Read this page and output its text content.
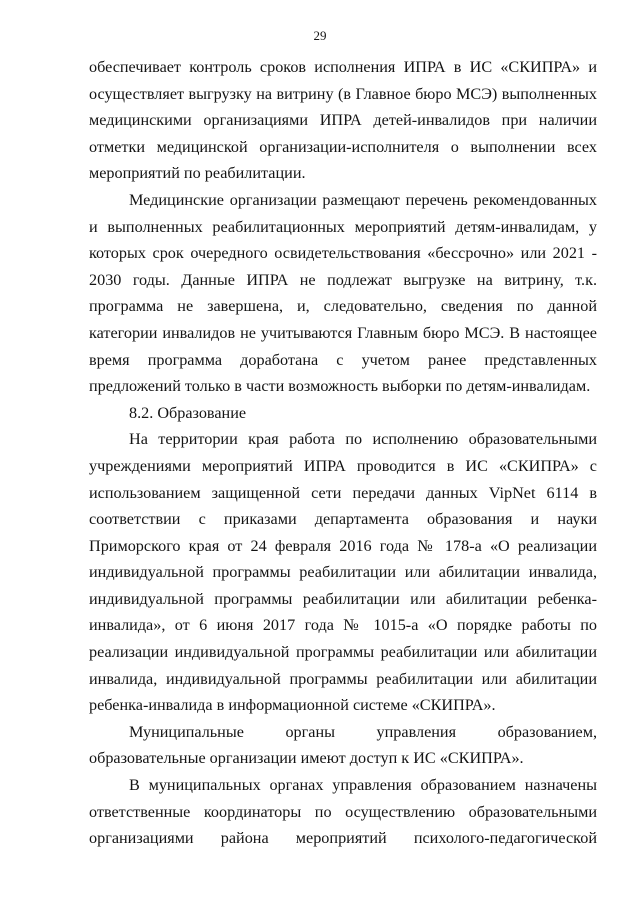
29

обеспечивает контроль сроков исполнения ИПРА в ИС «СКИПРА» и осуществляет выгрузку на витрину (в Главное бюро МСЭ) выполненных медицинскими организациями ИПРА детей-инвалидов при наличии отметки медицинской организации-исполнителя о выполнении всех мероприятий по реабилитации.

Медицинские организации размещают перечень рекомендованных и выполненных реабилитационных мероприятий детям-инвалидам, у которых срок очередного освидетельствования «бессрочно» или 2021 - 2030 годы. Данные ИПРА не подлежат выгрузке на витрину, т.к. программа не завершена, и, следовательно, сведения по данной категории инвалидов не учитываются Главным бюро МСЭ. В настоящее время программа доработана с учетом ранее представленных предложений только в части возможность выборки по детям-инвалидам.

8.2. Образование

На территории края работа по исполнению образовательными учреждениями мероприятий ИПРА проводится в ИС «СКИПРА» с использованием защищенной сети передачи данных VipNet 6114 в соответствии с приказами департамента образования и науки Приморского края от 24 февраля 2016 года № 178-а «О реализации индивидуальной программы реабилитации или абилитации инвалида, индивидуальной программы реабилитации или абилитации ребенка-инвалида», от 6 июня 2017 года № 1015-а «О порядке работы по реализации индивидуальной программы реабилитации или абилитации инвалида, индивидуальной программы реабилитации или абилитации ребенка-инвалида в информационной системе «СКИПРА».

Муниципальные органы управления образованием, образовательные организации имеют доступ к ИС «СКИПРА».

В муниципальных органах управления образованием назначены ответственные координаторы по осуществлению образовательными организациями района мероприятий психолого-педагогической
